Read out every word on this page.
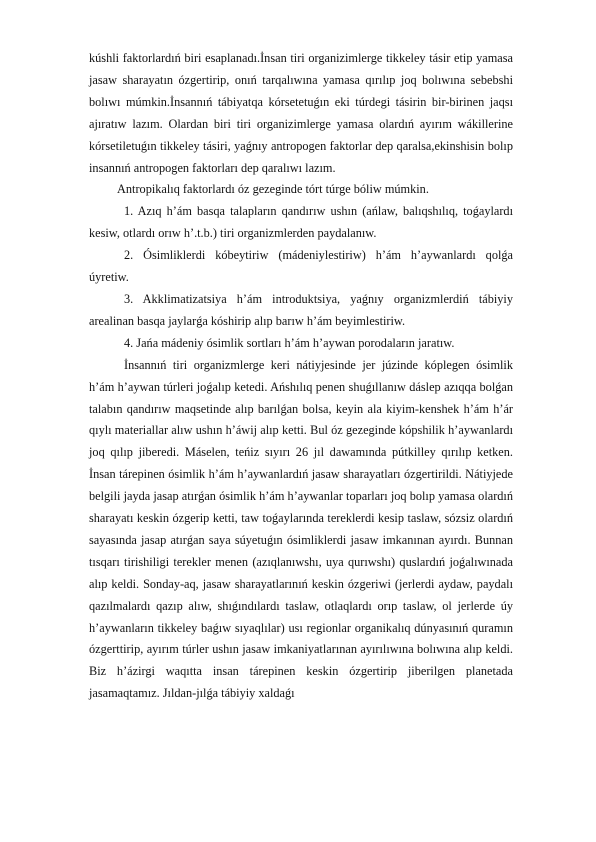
kúshli faktorlardıń biri esaplanadı.İnsan tiri organizimlerge tikkeley tásir etip yamasa jasaw sharayatın ózgertirip, onıń tarqalıwına yamasa qırılıp joq bolıwına sebebshi bolıwı múmkin.İnsannıń tábiyatqa kórsetetuǵın eki túrdegi tásirin bir-birinen jaqsı ajıratıw lazım. Olardan biri tiri organizimlerge yamasa olardıń ayırım wákillerine kórsetiletuǵın tikkeley tásiri, yaǵnıy antropogen faktorlar dep qaralsa,ekinshisin bolıp insannıń antropogen faktorları dep qaralıwı lazım.

Antropikalıq faktorlardı óz gezeginde tórt túrge bóliw múmkin.

1. Azıq h’ám basqa talapların qandırıw ushın (ańlaw, balıqshılıq, toǵaylardı kesiw, otlardı orıw h’.t.b.) tiri organizmlerden paydalanıw.

2. Ósimliklerdi kóbeytiriw (mádeniylestiriw) h’ám h’aywanlardı qolǵa úyretiw.

3. Akklimatizatsiya h’ám introduktsiya, yaǵnıy organizmlerdiń tábiyiy arealinan basqa jaylarǵa kóshirip alıp barıw h’ám beyimlestiriw.

4. Jańa mádeniy ósimlik sortları h’ám h’aywan porodaların jaratıw.

İnsannıń tiri organizmlerge keri nátiyjesinde jer júzinde kóplegen ósimlik h’ám h’aywan túrleri joǵalıp ketedi. Ańshılıq penen shuǵıllanıw dáslep azıqqa bolǵan talabın qandırıw maqsetinde alıp barılǵan bolsa, keyin ala kiyim-kenshek h’ám h’ár qıylı materiallar alıw ushın h’áwij alıp ketti. Bul óz gezeginde kópshilik h’aywanlardı joq qılıp jiberedi. Máselen, teńiz sıyırı 26 jıl dawamında pútkilley qırılıp ketken. İnsan tárepinen ósimlik h’ám h’aywanlardıń jasaw sharayatları ózgertirildi. Nátiyjede belgili jayda jasap atırǵan ósimlik h’ám h’aywanlar toparları joq bolıp yamasa olardıń sharayatı keskin ózgerip ketti, taw toǵaylarında tereklerdi kesip taslaw, sózsiz olardıń sayasında jasap atırǵan saya súyetuǵın ósimliklerdi jasaw imkanınan ayırdı. Bunnan tısqarı tirishiligi terekler menen (azıqlanıwshı, uya qurıwshı) quslardıń joǵalıwınada alıp keldi. Sonday-aq, jasaw sharayatlarınıń keskin ózgeriwi (jerlerdi aydaw, paydalı qazılmalardı qazıp alıw, shıǵındılardı taslaw, otlaqlardı orıp taslaw, ol jerlerde úy h’aywanların tikkeley baǵıw sıyaqlılar) usı regionlar organikalıq dúnyasınıń quramın ózgerttirip, ayırım túrler ushın jasaw imkaniyatlarınan ayırılıwına bolıwına alıp keldi. Biz h’ázirgi waqıtta insan tárepinen keskin ózgertirip jiberilgen planetada jasamaqtamız. Jıldan-jılǵa tábiyiy xaldaǵı
